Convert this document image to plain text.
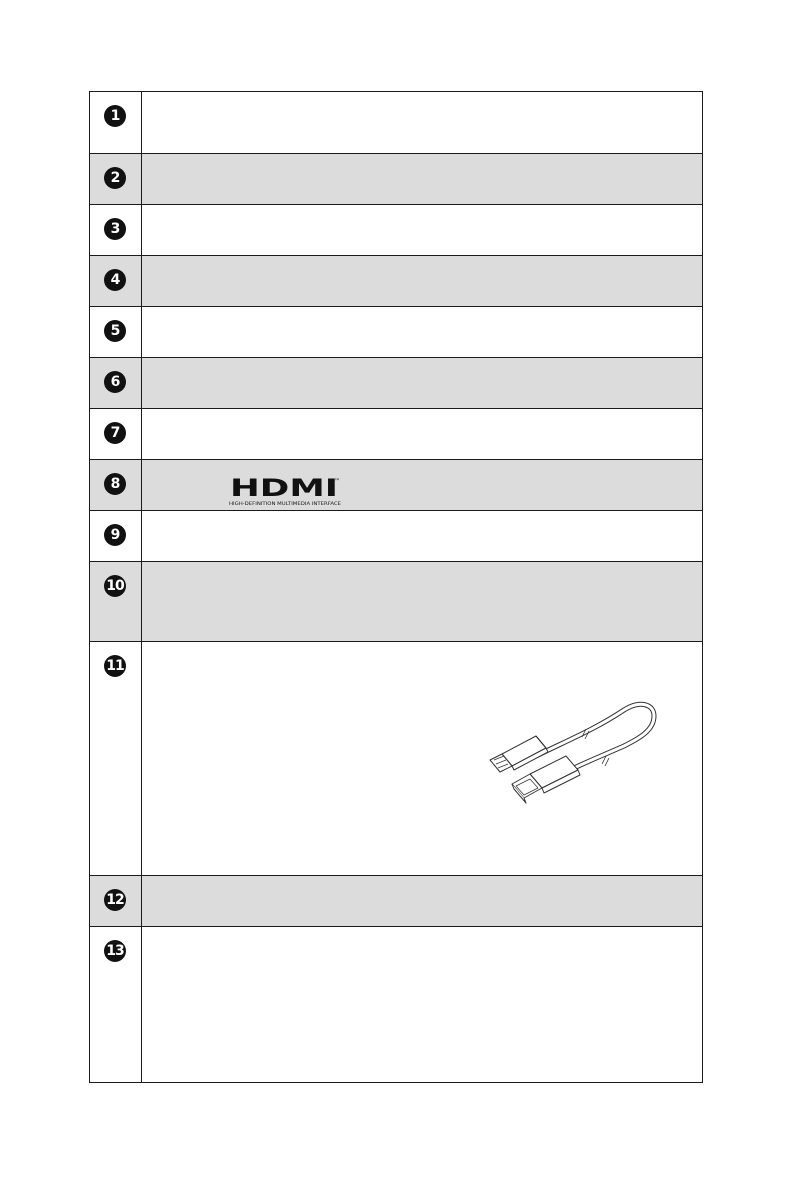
1	

2	

3	

4	

5	

6	

7	

8	HDMI
™
HIGH-DEFINITION MULTIMEDIA INTERFACE

9	

10	

11

12	

13	
